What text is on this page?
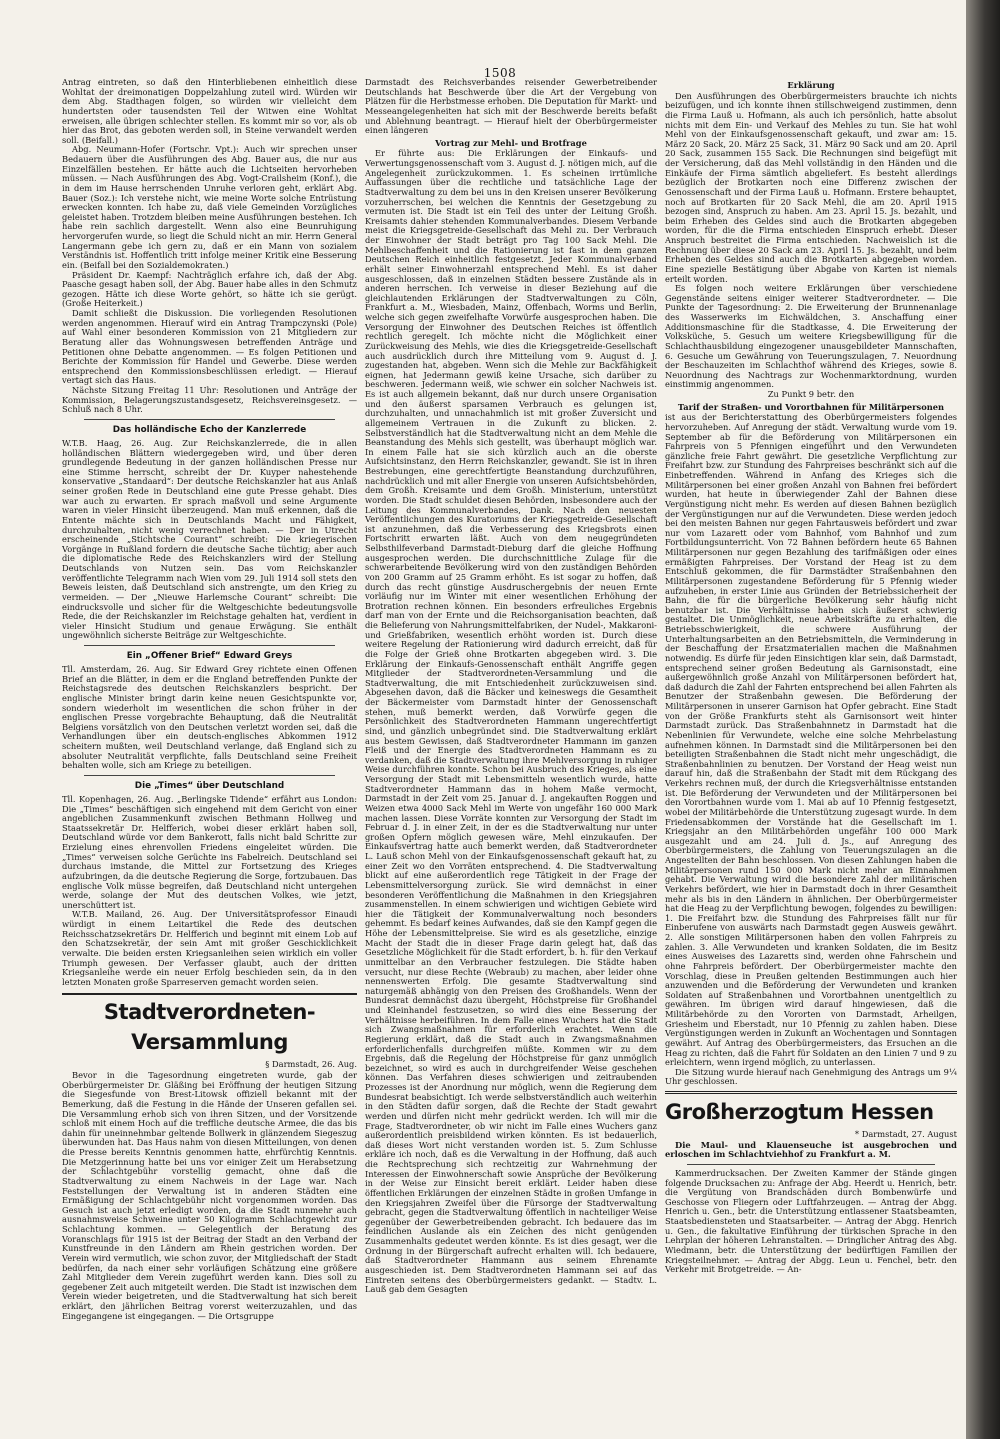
1508

Antrag eintreten, so daß den Hinterbliebenen einheitlich diese Wohltat der dreimonatigen Doppelzahlung zuteil wird. Würden wir dem Abg. Stadthagen folgen, so würden wir vielleicht dem hundertsten oder tausendsten Teil der Witwen eine Wohltat erweisen, alle übrigen schlechter stellen. Es kommt mir so vor, als ob hier das Brot, das geboten werden soll, in Steine verwandelt werden soll. (Beifall.)

Abg. Neumann-Hofer (Fortschr. Vpt.): Auch wir sprechen unser Bedauern über die Ausführungen des Abg. Bauer aus, die nur aus Einzelfällen bestehen. Er hätte auch die Lichtseiten hervorheben müssen. — Nach Ausführungen des Abg. Vogt-Crailsheim (Konf.), die in dem im Hause herrschenden Unruhe verloren geht, erklärt Abg. Bauer (Soz.): Ich verstehe nicht, wie meine Worte solche Entrüstung erwecken konnten. Ich habe zu, daß viele Gemeinden Vorzügliches geleistet haben. Trotzdem bleiben meine Ausführungen bestehen. Ich habe rein sachlich dargestellt. Wenn also eine Beunruhigung hervorgerufen wurde, so liegt die Schuld nicht an mir. Herrn General Langermann gebe ich gern zu, daß er ein Mann von sozialem Verständnis ist. Hoffentlich tritt infolge meiner Kritik eine Besserung ein. (Beifall bei den Sozialdemokraten.)

Präsident Dr. Kaempf: Nachträglich erfahre ich, daß der Abg. Paasche gesagt haben soll, der Abg. Bauer habe alles in den Schmutz gezogen. Hätte ich diese Worte gehört, so hätte ich sie gerügt. (Große Heiterkeit.)

Damit schließt die Diskussion. Die vorliegenden Resolutionen werden angenommen. Hierauf wird ein Antrag Trampczynski (Pole) auf Wahl einer besonderen Kommission von 21 Mitgliedern zur Beratung aller das Wohnungswesen betreffenden Anträge und Petitionen ohne Debatte angenommen. — Es folgen Petitionen und Berichte der Kommission für Handel und Gewerbe. Diese werden entsprechend den Kommissionsbeschlüssen erledigt. — Hierauf vertagt sich das Haus.

Nächste Sitzung Freitag 11 Uhr: Resolutionen und Anträge der Kommission, Belagerungszustandsgesetz, Reichsvereinsgesetz. — Schluß nach 8 Uhr.

Das holländische Echo der Kanzlerrede

W.T.B. Haag, 26. Aug. Zur Reichskanzlerrede, die in allen holländischen Blättern wiedergegeben wird, und über deren grundlegende Bedeutung in der ganzen holländischen Presse nur eine Stimme herrscht, schreibt der Dr. Kuyper nahestehende konservative „Standaard“: Der deutsche Reichskanzler hat aus Anlaß seiner großen Rede in Deutschland eine gute Presse gehabt. Dies war auch zu erwarten. Er sprach maßvoll und seine Argumente waren in vieler Hinsicht überzeugend. Man muß erkennen, daß die Entente mächte sich in Deutschlands Macht und Fähigkeit, durchzuhalten, nicht wenig verrechnet haben. — Der in Utrecht erscheinende „Stichtsche Courant“ schreibt: Die kriegerischen Vorgänge in Rußland fordern die deutsche Sache tüchtig; aber auch die diplomatische Rede des Reichskanzlers wird der Stellung Deutschlands von Nutzen sein. Das vom Reichskanzler veröffentlichte Telegramm nach Wien vom 29. Juli 1914 soll stets den Beweis leisten, daß Deutschland sich anstrengte, um den Krieg zu vermeiden. — Der „Nieuwe Harlemsche Courant“ schreibt: Die eindrucksvolle und sicher für die Weltgeschichte bedeutungsvolle Rede, die der Reichskanzler im Reichstage gehalten hat, verdient in vieler Hinsicht Studium und genaue Erwägung. Sie enthält ungewöhnlich sicherste Beiträge zur Weltgeschichte.

Ein „Offener Brief“ Edward Greys

Tll. Amsterdam, 26. Aug. Sir Edward Grey richtete einen Offenen Brief an die Blätter, in dem er die England betreffenden Punkte der Reichstagsrede des deutschen Reichskanzlers bespricht. Der englische Minister bringt darin keine neuen Gesichtspunkte vor, sondern wiederholt im wesentlichen die schon früher in der englischen Presse vorgebrachte Behauptung, daß die Neutralität Belgiens vorsätzlich von den Deutschen verletzt worden sei, daß die Verhandlungen über ein deutsch-englisches Abkommen 1912 scheitern mußten, weil Deutschland verlange, daß England sich zu absoluter Neutralität verpflichte, falls Deutschland seine Freiheit behalten wolle, sich am Kriege zu beteiligen.

Die „Times“ über Deutschland

Tll. Kopenhagen, 26. Aug. „Berlingske Tidende“ erfährt aus London: Die „Times“ beschäftigen sich eingehend mit dem Gericht von einer angeblichen Zusammenkunft zwischen Bethmann Hollweg und Staatssekretär Dr. Helfferich, wobei dieser erklärt haben soll, Deutschland würde vor dem Bankerott, falls nicht bald Schritte zur Erzielung eines ehrenvollen Friedens eingeleitet würden. Die „Times“ verweisen solche Gerüchte ins Fabelreich. Deutschland sei durchaus imstande, die Mittel zur Fortsetzung des Krieges aufzubringen, da die deutsche Regierung die Sorge, fortzubauen. Das englische Volk müsse begreifen, daß Deutschland nicht untergehen werde, solange der Mut des deutschen Volkes, wie jetzt, unerschüttert ist.

W.T.B. Mailand, 26. Aug. Der Universitätsprofessor Einaudi würdigt in einem Leitartikel die Rede des deutschen Reichsschatzsekretärs Dr. Helfferich und beginnt mit einem Lob auf den Schatzsekretär, der sein Amt mit großer Geschicklichkeit verwalte. Die beiden ersten Kriegsanleihen seien wirklich ein voller Triumph gewesen. Der Verfasser glaubt, auch der dritten Kriegsanleihe werde ein neuer Erfolg beschieden sein, da in den letzten Monaten große Sparreserven gemacht worden seien.

Stadtverordneten-Versammlung
§ Darmstadt, 26. Aug.

Bevor in die Tagesordnung eingetreten wurde, gab der Oberbürgermeister Dr. Gläßing bei Eröffnung der heutigen Sitzung die Siegesfunde von Brest-Litowsk offiziell bekannt mit der Bemerkung, daß die Festung in die Hände der Unseren gefallen sei. Die Versammlung erhob sich von ihren Sitzen, und der Vorsitzende schloß mit einem Hoch auf die treffliche deutsche Armee, die das bis dahin für uneinnehmbar geltende Bollwerk in glänzendem Siegeszug überwunden hat. Das Haus nahm von diesen Mitteilungen, von denen die Presse bereits Kenntnis genommen hatte, ehrfürchtig Kenntnis. Die Metzgerinnung hatte bei uns vor einiger Zeit um Herabsetzung der Schlachtgebühr vorstellig gemacht, ohne daß die Stadtverwaltung zu einem Nachweis in der Lage war. Nach Feststellungen der Verwaltung ist in anderen Städten eine Ermäßigung der Schlachtgebühr nicht vorgenommen worden. Das Gesuch ist auch jetzt erledigt worden, da die Stadt nunmehr auch ausnahmsweise Schweine unter 50 Kilogramm Schlachtgewicht zur Schlachtung kommen. — Gelegentlich der Beratung des Voranschlags für 1915 ist der Beitrag der Stadt an den Verband der Kunstfreunde in den Ländern am Rhein gestrichen worden. Der Verein wird vermutlich, wie schon zuvor, der Mitgliedschaft der Stadt bedürfen, da nach einer sehr vorläufigen Schätzung eine größere Zahl Mitglieder dem Verein zugeführt werden kann. Dies soll zu gegebener Zeit auch mitgeteilt werden. Die Stadt ist inzwischen dem Verein wieder beigetreten, und die Stadtverwaltung hat sich bereit erklärt, den jährlichen Beitrag vorerst weiterzuzahlen, und das Eingegangene ist eingegangen. — Die Ortsgruppe

Darmstadt des Reichsverbandes reisender Gewerbetreibender Deutschlands hat Beschwerde über die Art der Vergebung von Plätzen für die Herbstmesse erhoben. Die Deputation für Markt- und Messeangelegenheiten hat sich mit der Beschwerde bereits befaßt und Ablehnung beantragt. — Hierauf hielt der Oberbürgermeister einen längeren

Vortrag zur Mehl- und Brotfrage

Er führte aus: Die Erklärungen der Einkaufs- und Verwertungsgenossenschaft vom 3. August d. J. nötigen mich, auf die Angelegenheit zurückzukommen. 1. Es scheinen irrtümliche Auffassungen über die rechtliche und tatsächliche Lage der Stadtverwaltung zu dem bei uns in den Kreisen unserer Bevölkerung vorzuherrschen, bei welchen die Kenntnis der Gesetzgebung zu vermuten ist. Die Stadt ist ein Teil des unter der Leitung Großh. Kreisamts dahier stehenden Kommunalverbandes. Diesem Verbande meist die Kriegsgetreide-Gesellschaft das Mehl zu. Der Verbrauch der Einwohner der Stadt beträgt pro Tag 100 Sack Mehl. Die Mehlbeschaffenheit und die Rationierung ist fast in dem ganzen Deutschen Reich einheitlich festgesetzt. Jeder Kommunalverband erhält seiner Einwohnerzahl entsprechend Mehl. Es ist daher ausgeschlossen, daß in einzelnen Städten bessere Zustände als in anderen herrschen. Ich verweise in dieser Beziehung auf die gleichlautenden Erklärungen der Stadtverwaltungen zu Cöln, Frankfurt a. M., Wiesbaden, Mainz, Offenbach, Worms und Berlin, welche sich gegen zweifelhafte Vorwürfe ausgesprochen haben. Die Versorgung der Einwohner des Deutschen Reiches ist öffentlich rechtlich geregelt. Ich möchte nicht die Möglichkeit einer Zurückweisung des Mehls, wie dies die Kriegsgetreide-Gesellschaft auch ausdrücklich durch ihre Mitteilung vom 9. August d. J. zugestanden hat, abgeben. Wenn sich die Mehle zur Backfähigkeit eignen, hat Jedermann gewiß keine Ursache, sich darüber zu beschweren. Jedermann weiß, wie schwer ein solcher Nachweis ist. Es ist auch allgemein bekannt, daß nur durch unsere Organisation und den äußerst sparsamen Verbrauch es gelungen ist, durchzuhalten, und unnachahmlich ist mit großer Zuversicht und allgemeinem Vertrauen in die Zukunft zu blicken. 2. Selbstverständlich hat die Stadtverwaltung nicht an dem Mehle die Beanstandung des Mehls sich gestellt, was überhaupt möglich war. In einem Falle hat sie sich kürzlich auch an die oberste Aufsichtsinstanz, den Herrn Reichskanzler, gewandt. Sie ist in ihren Bestrebungen, eine gerechtfertigte Beanstandung durchzuführen, nachdrücklich und mit aller Energie von unseren Aufsichtsbehörden, dem Großh. Kreisamte und dem Großh. Ministerium, unterstützt worden. Die Stadt schuldet diesen Behörden, insbesondere auch der Leitung des Kommunalverbandes, Dank. Nach den neuesten Veröffentlichungen des Kuratoriums der Kriegsgetreide-Gesellschaft ist anzunehmen, daß die Verbesserung des Kriegsbrots einen Fortschritt erwarten läßt. Auch von dem neugegründeten Selbsthilfeverband Darmstadt-Dieburg darf die gleiche Hoffnung ausgesprochen werden. Die durchschnittliche Zulage für die schwerarbeitende Bevölkerung wird von den zuständigen Behörden von 200 Gramm auf 25 Gramm erhöht. Es ist sogar zu hoffen, daß durch das recht günstige Ausdruschergebnis der neuen Ernte vorläufig nur im Winter mit einer wesentlichen Erhöhung der Brotration rechnen können. Ein besonders erfreuliches Ergebnis darf man von der Ernte und die Reichsorganisation beachten, daß die Belieferung von Nahrungsmittelfabriken, der Nudel-, Makkaroni- und Grießfabriken, wesentlich erhöht worden ist. Durch diese weitere Regelung der Rationierung wird dadurch erreicht, daß für die Folge der Grieß ohne Brotkarten abgegeben wird. 3. Die Erklärung der Einkaufs-Genossenschaft enthält Angriffe gegen Mitglieder der Stadtverordneten-Versammlung und die Stadtverwaltung, die mit Entschiedenheit zurückzuweisen sind. Abgesehen davon, daß die Bäcker und keineswegs die Gesamtheit der Bäckermeister vom Darmstadt hinter der Genossenschaft stehen, muß bemerkt werden, daß Vorwürfe gegen die Persönlichkeit des Stadtverordneten Hammann ungerechtfertigt sind, und gänzlich unbegründet sind. Die Stadtverwaltung erklärt aus bestem Gewissen, daß Stadtverordneter Hammann im ganzen Fleiß und der Energie des Stadtverordneten Hammann es zu verdanken, daß die Stadtverwaltung ihre Mehlversorgung in ruhiger Weise durchführen konnte. Schon bei Ausbruch des Krieges, als eine Versorgung der Stadt mit Lebensmitteln wesentlich wurde, hatte Stadtverordneter Hammann das in hohem Maße vermocht, Darmstadt in der Zeit vom 25. Januar d. J. angekauften Roggen und Weizen etwa 4000 Sack Mehl im Werte von ungefähr 160 000 Mark machen lassen. Diese Vorräte konnten zur Versorgung der Stadt im Februar d. J. in einer Zeit, in der es die Stadtverwaltung nur unter großen Opfern möglich gewesen wäre, Mehl einzukaufen. Der Einkaufsvertrag hatte auch bemerkt werden, daß Stadtverordneter L. Lauß schon Mehl von der Einkaufsgenossenschaft gekauft hat, zu einer Zeit wo den Vorräten entsprechend. 4. Die Stadtverwaltung blickt auf eine außerordentlich rege Tätigkeit in der Frage der Lebensmittelversorgung zurück. Sie wird demnächst in einer besonderen Veröffentlichung die Maßnahmen in den Kriegsjahren zusammenstellen. In einem schwierigen und wichtigen Gebiete wird hier die Tätigkeit der Kommunalverwaltung noch besonders gehemmt. Es bedarf keines Aufwandes, daß sie den Kampf gegen die Höhe der Lebensmittelpreise. Sie wird es als gesetzliche, einzige Macht der Stadt die in dieser Frage darin gelegt hat, daß das Gesetzliche Möglichkeit für die Stadt erfordert, b. h. für den Verkauf unmittelbar an den Verbraucher festzulegen. Die Städte haben versucht, nur diese Rechte (Webraub) zu machen, aber leider ohne nennenswerten Erfolg. Die gesamte Stadtverwaltung sind naturgemäß abhängig von den Preisen des Großhandels. Wenn der Bundesrat demnächst dazu übergeht, Höchstpreise für Großhandel und Kleinhandel festzusetzen, so wird dies eine Besserung der Verhältnisse herbeiführen. In dem Falle eines Wuchers hat die Stadt sich Zwangsmaßnahmen für erforderlich erachtet. Wenn die Regierung erklärt, daß die Stadt auch in Zwangsmaßnahmen erforderlichenfalls durchgreifen müßte. Kommen wir zu dem Ergebnis, daß die Regelung der Höchstpreise für ganz unmöglich bezeichnet, so wird es auch in durchgreifender Weise geschehen können. Das Verfahren dieses schwierigen und zeitraubenden Prozesses ist der Anordnung nur möglich, wenn die Regierung dem Bundesrat beabsichtigt. Ich werde selbstverständlich auch weiterhin in den Städten dafür sorgen, daß die Rechte der Stadt gewahrt werden und dürfen nicht mehr gedrückt werden. Ich will mir die Frage, Stadtverordneter, ob wir nicht im Falle eines Wuchers ganz außerordentlich preisbildend wirken könnten. Es ist bedauerlich, daß dieses Wort nicht verstanden worden ist. 5. Zum Schlusse erkläre ich noch, daß es die Verwaltung in der Hoffnung, daß auch die Rechtsprechung sich rechtzeitig zur Wahrnehmung der Interessen der Einwohnerschaft sowie Ansprüche der Bevölkerung in der Weise zur Einsicht bereit erklärt. Leider haben diese öffentlichen Erklärungen der einzelnen Städte in großen Umfange in den Kriegsjahren Zweifel über die Fürsorge der Stadtverwaltung gebracht, gegen die Stadtverwaltung öffentlich in nachteiliger Weise gegenüber der Gewerbetreibenden gebracht. Ich bedauere das im feindlichen Auslande als ein Zeichen des nicht genügenden Zusammenhalts gedeutet werden könnte. Es ist dies gesagt, wer die Ordnung in der Bürgerschaft aufrecht erhalten will. Ich bedauere, daß Stadtverordneter Hammann aus seinem Ehrenamte ausgeschieden ist. Dem Stadtverordneten Hammann sei auf das Eintreten seitens des Oberbürgermeisters gedankt. — Stadtv. L. Lauß gab dem Gesagten

Erklärung

Den Ausführungen des Oberbürgermeisters brauchte ich nichts beizufügen, und ich konnte ihnen stillschweigend zustimmen, denn die Firma Lauß u. Hofmann, als auch ich persönlich, hatte absolut nichts mit dem Ein- und Verkauf des Mehles zu tun. Sie hat wohl Mehl von der Einkaufsgenossenschaft gekauft, und zwar am: 15. März 20 Sack, 20. März 25 Sack, 31. März 90 Sack und am 20. April 20 Sack, zusammen 155 Sack. Die Rechnungen sind beigefügt mit der Versicherung, daß das Mehl vollständig in den Händen und die Einkäufe der Firma sämtlich abgeliefert. Es besteht allerdings bezüglich der Brotkarten noch eine Differenz zwischen der Genossenschaft und der Firma Lauß u. Hofmann. Erstere behauptet, noch auf Brotkarten für 20 Sack Mehl, die am 20. April 1915 bezogen sind, Anspruch zu haben. Am 23. April 15. Js. bezahlt, und beim Erheben des Geldes sind auch die Brotkarten abgegeben worden, für die die Firma entschieden Einspruch erhebt. Dieser Anspruch bestreitet die Firma entschieden. Nachweislich ist die Rechnung über diese 20 Sack am 23. April 15. Js. bezahlt, und beim Erheben des Geldes sind auch die Brotkarten abgegeben worden. Eine spezielle Bestätigung über Abgabe von Karten ist niemals erteilt worden.

Es folgen noch weitere Erklärungen über verschiedene Gegenstände seitens einiger weiterer Stadtverordneter. — Die Punkte der Tagesordnung: 2. Die Erweiterung der Brunnenanlage des Wasserwerks im Eichwäldchen, 3. Anschaffung einer Additionsmaschine für die Stadtkasse, 4. Die Erweiterung der Volksküche, 5. Gesuch um weitere Kriegsbewilligung für die Schlachthausbildung eingezogener unausgebildeter Mannschaften, 6. Gesuche um Gewährung von Teuerungszulagen, 7. Neuordnung der Beschauzeiten im Schlachthof während des Krieges, sowie 8. Neuordnung des Nachtrags zur Wochenmarktordnung, wurden einstimmig angenommen.

Zu Punkt 9 betr. den

Tarif der Straßen- und Vorortbahnen für Militärpersonen

ist aus der Berichterstattung des Oberbürgermeisters folgendes hervorzuheben. Auf Anregung der städt. Verwaltung wurde vom 19. September ab für die Beförderung von Militärpersonen ein Fahrpreis von 5 Pfennigen eingeführt und den Verwundeten gänzliche freie Fahrt gewährt. Die gesetzliche Verpflichtung zur Freifahrt bzw. zur Stundung des Fahrpreises beschränkt sich auf die Einbetreffenden. Während in Anfang des Krieges sich die Militärpersonen bei einer großen Anzahl von Bahnen frei befördert wurden, hat heute in überwiegender Zahl der Bahnen diese Vergünstigung nicht mehr. Es werden auf diesen Bahnen bezüglich der Vergünstigungen nur auf die Verwundeten. Diese werden jedoch bei den meisten Bahnen nur gegen Fahrtausweis befördert und zwar nur vom Lazarett oder vom Bahnhof, vom Bahnhof und zum Fortbildungsunterricht. Von 72 Bahnen befördern heute 65 Bahnen Militärpersonen nur gegen Bezahlung des tarifmäßigen oder eines ermäßigten Fahrpreises. Der Vorstand der Heag ist zu dem Entschluß gekommen, die für Darmstädter Straßenbahnen den Militärpersonen zugestandene Beförderung für 5 Pfennig wieder aufzuheben, in erster Linie aus Gründen der Betriebssicherheit der Bahn, die für die bürgerliche Bevölkerung sehr häufig nicht benutzbar ist. Die Verhältnisse haben sich äußerst schwierig gestaltet. Die Unmöglichkeit, neue Arbeitskräfte zu erhalten, die Betriebsschwierigkeit, die schwere Ausführung der Unterhaltungsarbeiten an den Betriebsmitteln, die Verminderung in der Beschaffung der Ersatzmaterialien machen die Maßnahmen notwendig. Es dürfe für jeden Einsichtigen klar sein, daß Darmstadt, entsprechend seiner großen Bedeutung als Garnisonstadt, eine außergewöhnlich große Anzahl von Militärpersonen befördert hat, daß dadurch die Zahl der Fahrten entsprechend bei allen Fahrten als Benutzer der Straßenbahn gewesen. Die Beförderung der Militärpersonen in unserer Garnison hat Opfer gebracht. Eine Stadt von der Größe Frankfurts steht als Garnisonsort weit hinter Darmstadt zurück. Das Straßenbahnnetz in Darmstadt hat die Nebenlinien für Verwundete, welche eine solche Mehrbelastung aufnehmen können. In Darmstadt sind die Militärpersonen bei den beteiligten Straßenbahnen die Stadt nicht mehr ungeschädigt, die Straßenbahnlinien zu benutzen. Der Vorstand der Heag weist nun darauf hin, daß die Straßenbahn der Stadt mit dem Rückgang des Verkehrs rechnen muß, der durch die Kriegsverhältnisse entstanden ist. Die Beförderung der Verwundeten und der Militärpersonen bei den Vorortbahnen wurde vom 1. Mai ab auf 10 Pfennig festgesetzt, wobei der Militärbehörde die Unterstützung zugesagt wurde. In dem Friedensabkommen der Vorstände hat die Gesellschaft im 1. Kriegsjahr an den Militärbehörden ungefähr 100 000 Mark ausgezahlt und am 24. Juli d. Js., auf Anregung des Oberbürgermeisters, die Zahlung von Teuerungszulagen an die Angestellten der Bahn beschlossen. Von diesen Zahlungen haben die Militärpersonen rund 150 000 Mark nicht mehr an Einnahmen gehabt. Die Verwaltung wird die besondere Zahl der militärischen Verkehrs befördert, wie hier in Darmstadt doch in ihrer Gesamtheit mehr als bis in den Ländern in ähnlichen. Der Oberbürgermeister hat die Heag zu der Verpflichtung bewogen, folgendes zu bewilligen: 1. Die Freifahrt bzw. die Stundung des Fahrpreises fällt nur für Einberufene von auswärts nach Darmstadt gegen Ausweis gewährt. 2. Alle sonstigen Militärpersonen haben den vollen Fahrpreis zu zahlen. 3. Alle Verwundeten und kranken Soldaten, die im Besitz eines Ausweises des Lazaretts sind, werden ohne Fahrschein und ohne Fahrpreis befördert. Der Oberbürgermeister machte den Vorschlag, diese in Preußen geltenden Bestimmungen auch hier anzuwenden und die Beförderung der Verwundeten und kranken Soldaten auf Straßenbahnen und Vorortbahnen unentgeltlich zu gewähren. Im übrigen wird darauf hingewiesen, daß die Militärbehörde zu den Vororten von Darmstadt, Arheilgen, Griesheim und Eberstadt, nur 10 Pfennig zu zahlen haben. Diese Vergünstigungen werden in Zukunft an Wochentagen und Sonntagen gewährt. Auf Antrag des Oberbürgermeisters, das Ersuchen an die Heag zu richten, daß die Fahrt für Soldaten an den Linien 7 und 9 zu erleichtern, wenn irgend möglich, zu unterlassen.

Die Sitzung wurde hierauf nach Genehmigung des Antrags um 9¼ Uhr geschlossen.

Großherzogtum Hessen
* Darmstadt, 27. August

Die Maul- und Klauenseuche ist ausgebrochen und erloschen im Schlachtviehhof zu Frankfurt a. M.

Kammerdrucksachen. Der Zweiten Kammer der Stände gingen folgende Drucksachen zu: Anfrage der Abg. Heerdt u. Henrich, betr. die Vergütung von Brandschäden durch Bombenwürfe und Geschosse von Fliegern oder Luftfahrzeugen. — Antrag der Abgg. Henrich u. Gen., betr. die Unterstützung entlassener Staatsbeamten, Staatsbediensteten und Staatsarbeiter. — Antrag der Abgg. Henrich u. Gen., die fakultative Einführung der türkischen Sprache in den Lehrplan der höheren Lehranstalten. — Dringlicher Antrag des Abg. Wiedmann, betr. die Unterstützung der bedürftigen Familien der Kriegsteilnehmer. — Antrag der Abgg. Leun u. Fenchel, betr. den Verkehr mit Brotgetreide. — An-
